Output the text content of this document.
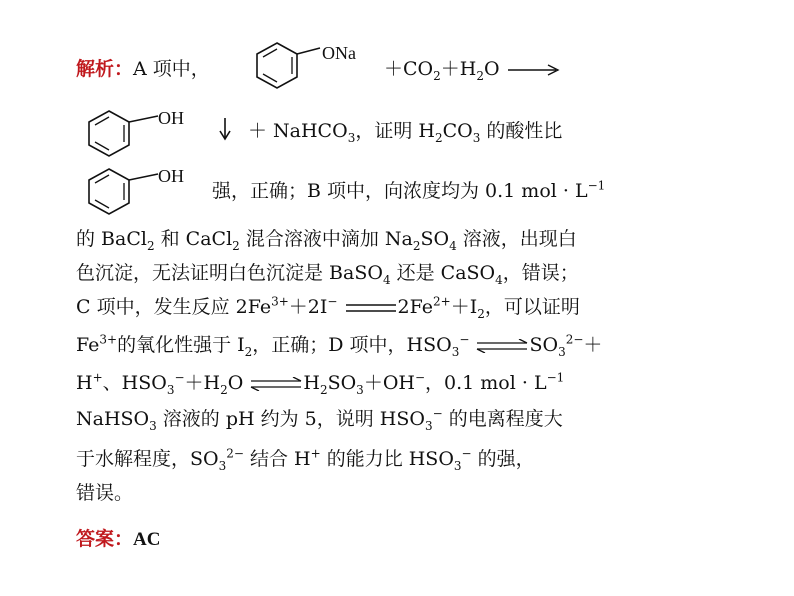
解析：A 项中，
ONa
$+CO_2+H_2O$ →
OH
＋ NaHCO$_3$，证明 $H_2CO_3$ 的酸性比
OH
强，正确；B 项中，向浓度均为 0.1 mol · $L^{-1}$
的 BaCl$_2$ 和 CaCl$_2$ 混合溶液中滴加 $Na_2SO_4$ 溶液，出现白
色沉淀，无法证明白色沉淀是 BaSO$_4$ 还是 CaSO$_4$，错误；
C 项中，发生反应 $2Fe^{3+}+2I^-$	$2Fe^{2+}+I_2$，可以证明
$Fe^{3+}$的氧化性强于 $I_2$，正确；D 项中，$HSO_3^-$ $\rightleftharpoons SO_3^{2-}+$
H+、$HSO_3^-+H_2O$ $\rightleftharpoons H_2SO_3+OH^-$，0.1 mol · $L^{-1}$
NaHSO$_3$ 溶液的 pH 约为 5，说明 $HSO_3^-$ 的电离程度大
于水解程度，$SO_3^{2-}$ 结合 H+ 的能力比 $HSO_3^-$ 的强，
错误。
答案：AC
